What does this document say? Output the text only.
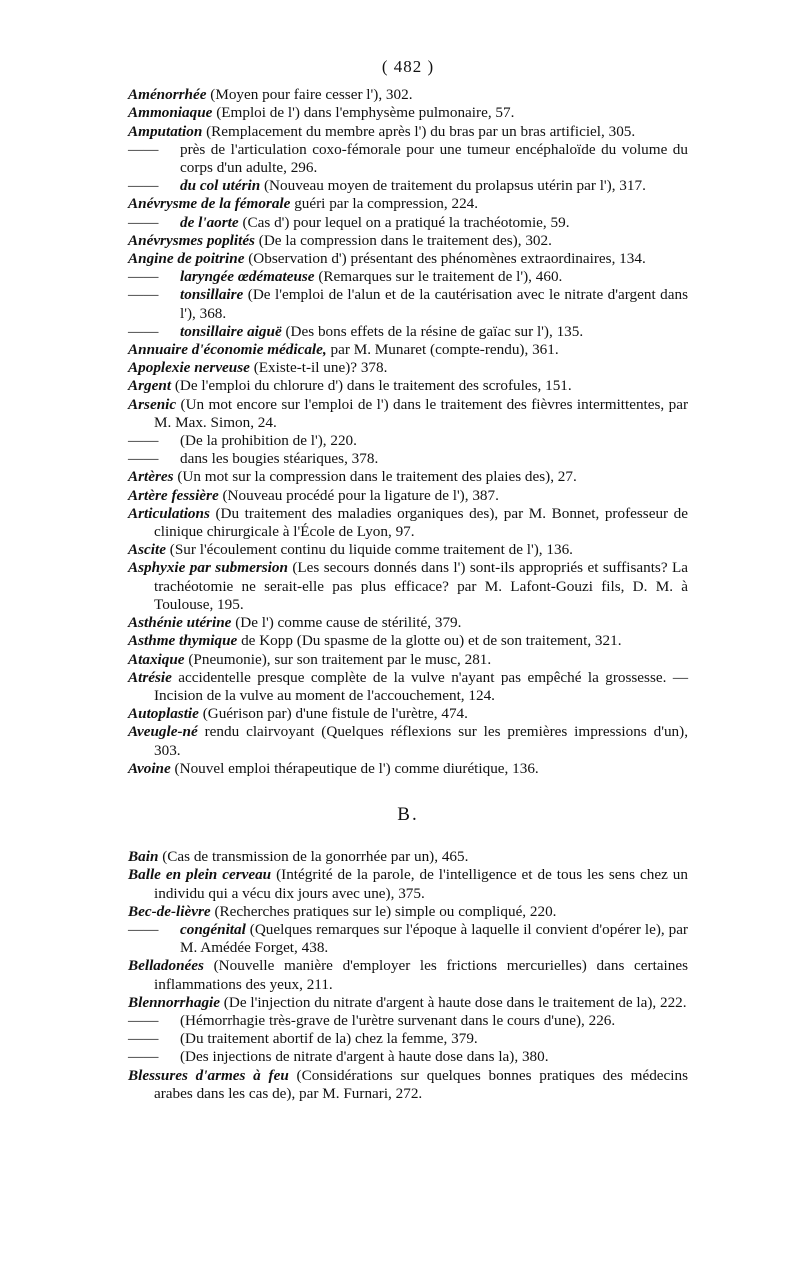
( 482 )

Aménorrhée (Moyen pour faire cesser l'), 302.

Ammoniaque (Emploi de l') dans l'emphysème pulmonaire, 57.

Amputation (Remplacement du membre après l') du bras par un bras artificiel, 305.

—— près de l'articulation coxo-fémorale pour une tumeur encéphaloïde du volume du corps d'un adulte, 296.

—— du col utérin (Nouveau moyen de traitement du prolapsus utérin par l'), 317.

Anévrysme de la fémorale guéri par la compression, 224.

—— de l'aorte (Cas d') pour lequel on a pratiqué la trachéotomie, 59.

Anévrysmes poplités (De la compression dans le traitement des), 302.

Angine de poitrine (Observation d') présentant des phénomènes extraordinaires, 134.

—— laryngée œdémateuse (Remarques sur le traitement de l'), 460.

—— tonsillaire (De l'emploi de l'alun et de la cautérisation avec le nitrate d'argent dans l'), 368.

—— tonsillaire aiguë (Des bons effets de la résine de gaïac sur l'), 135.

Annuaire d'économie médicale, par M. Munaret (compte-rendu), 361.

Apoplexie nerveuse (Existe-t-il une)? 378.

Argent (De l'emploi du chlorure d') dans le traitement des scrofules, 151.

Arsenic (Un mot encore sur l'emploi de l') dans le traitement des fièvres intermittentes, par M. Max. Simon, 24.

—— (De la prohibition de l'), 220.

—— dans les bougies stéariques, 378.

Artères (Un mot sur la compression dans le traitement des plaies des), 27.

Artère fessière (Nouveau procédé pour la ligature de l'), 387.

Articulations (Du traitement des maladies organiques des), par M. Bonnet, professeur de clinique chirurgicale à l'École de Lyon, 97.

Ascite (Sur l'écoulement continu du liquide comme traitement de l'), 136.

Asphyxie par submersion (Les secours donnés dans l') sont-ils appropriés et suffisants? La trachéotomie ne serait-elle pas plus efficace? par M. Lafont-Gouzi fils, D. M. à Toulouse, 195.

Asthénie utérine (De l') comme cause de stérilité, 379.

Asthme thymique de Kopp (Du spasme de la glotte ou) et de son traitement, 321.

Ataxique (Pneumonie), sur son traitement par le musc, 281.

Atrésie accidentelle presque complète de la vulve n'ayant pas empêché la grossesse. — Incision de la vulve au moment de l'accouchement, 124.

Autoplastie (Guérison par) d'une fistule de l'urètre, 474.

Aveugle-né rendu clairvoyant (Quelques réflexions sur les premières impressions d'un), 303.

Avoine (Nouvel emploi thérapeutique de l') comme diurétique, 136.

B.

Bain (Cas de transmission de la gonorrhée par un), 465.

Balle en plein cerveau (Intégrité de la parole, de l'intelligence et de tous les sens chez un individu qui a vécu dix jours avec une), 375.

Bec-de-lièvre (Recherches pratiques sur le) simple ou compliqué, 220.

—— congénital (Quelques remarques sur l'époque à laquelle il convient d'opérer le), par M. Amédée Forget, 438.

Belladonées (Nouvelle manière d'employer les frictions mercurielles) dans certaines inflammations des yeux, 211.

Blennorrhagie (De l'injection du nitrate d'argent à haute dose dans le traitement de la), 222.

—— (Hémorrhagie très-grave de l'urètre survenant dans le cours d'une), 226.

—— (Du traitement abortif de la) chez la femme, 379.

—— (Des injections de nitrate d'argent à haute dose dans la), 380.

Blessures d'armes à feu (Considérations sur quelques bonnes pratiques des médecins arabes dans les cas de), par M. Furnari, 272.
